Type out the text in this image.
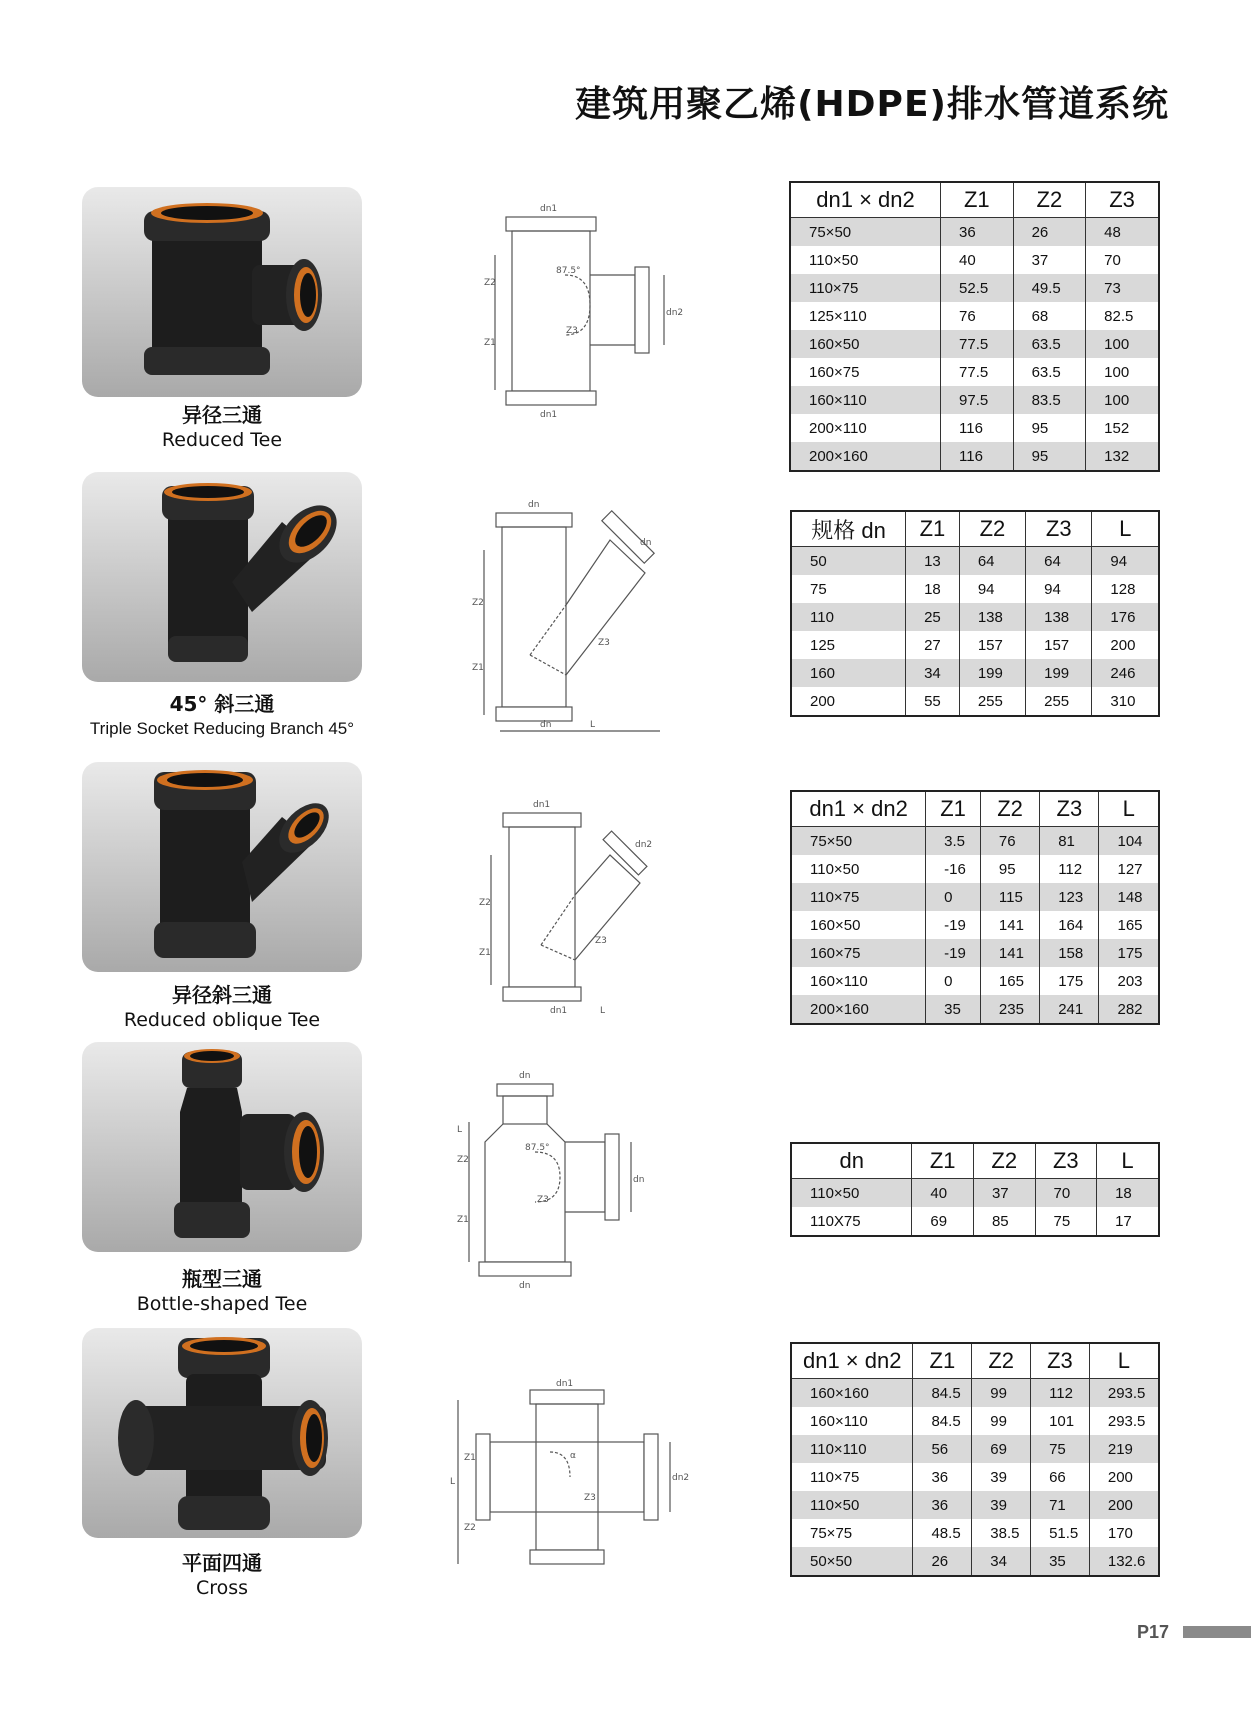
建筑用聚乙烯(HDPE)排水管道系统
异径三通
Reduced Tee
dn1
dn1
dn2
Z2
Z1
Z3
87.5°
dn1 × dn2	Z1	Z2	Z3
75×50	36	26	48
110×50	40	37	70
110×75	52.5	49.5	73
125×110	76	68	82.5
160×50	77.5	63.5	100
160×75	77.5	63.5	100
160×110	97.5	83.5	100
200×110	116	95	152
200×160	116	95	132
45° 斜三通
Triple Socket Reducing Branch 45°
dn
dn
dn
Z2
Z1
Z3
L
规格 dn	Z1	Z2	Z3	L
50	13	64	64	94
75	18	94	94	128
110	25	138	138	176
125	27	157	157	200
160	34	199	199	246
200	55	255	255	310
异径斜三通
Reduced oblique Tee
dn1
dn1
dn2
Z2
Z1
Z3
L
dn1 × dn2	Z1	Z2	Z3	L
75×50	3.5	76	81	104
110×50	-16	95	112	127
110×75	0	115	123	148
160×50	-19	141	164	165
160×75	-19	141	158	175
160×110	0	165	175	203
200×160	35	235	241	282
瓶型三通
Bottle-shaped Tee
dn
dn
dn
L
Z2
Z1
Z3
87.5°	dn	Z1	Z2	Z3	L
110×50	40	37	70	18
110X75	69	85	75	17
平面四通
Cross
dn1
dn2
Z1
Z2
Z3
L
α
dn1 × dn2	Z1	Z2	Z3	L
160×160	84.5	99	112	293.5
160×110	84.5	99	101	293.5
110×110	56	69	75	219
110×75	36	39	66	200
110×50	36	39	71	200
75×75	48.5	38.5	51.5	170
50×50	26	34	35	132.6
P17
